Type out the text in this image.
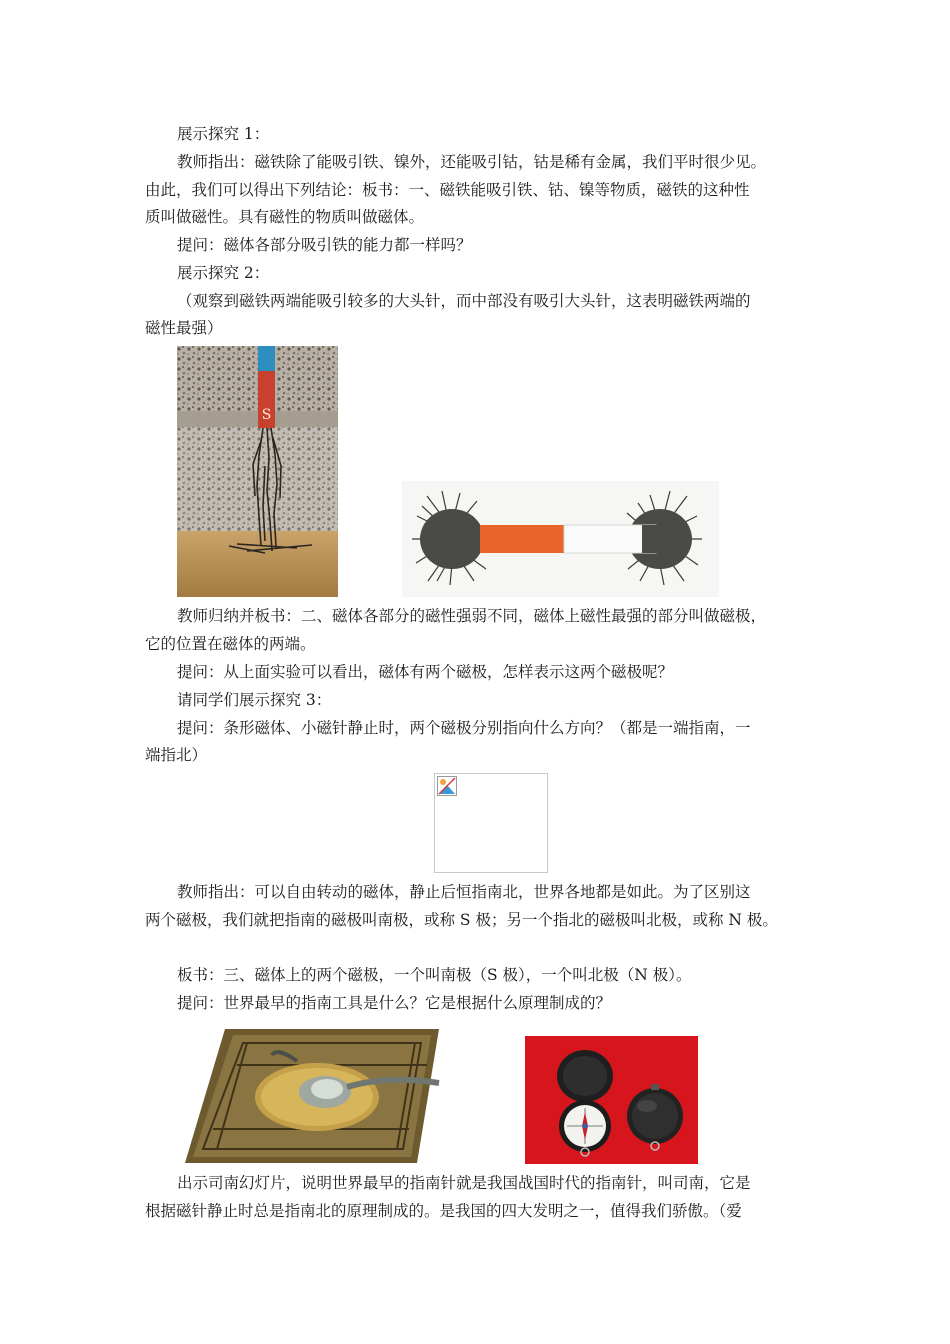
展示探究 1：
教师指出：磁铁除了能吸引铁、镍外，还能吸引钴，钴是稀有金属，我们平时很少见。
由此，我们可以得出下列结论：板书：一、磁铁能吸引铁、钴、镍等物质，磁铁的这种性
质叫做磁性。具有磁性的物质叫做磁体。
提问：磁体各部分吸引铁的能力都一样吗？
展示探究 2：
（观察到磁铁两端能吸引较多的大头针，而中部没有吸引大头针，这表明磁铁两端的
磁性最强）
S
教师归纳并板书：二、磁体各部分的磁性强弱不同，磁体上磁性最强的部分叫做磁极，
它的位置在磁体的两端。
提问：从上面实验可以看出，磁体有两个磁极，怎样表示这两个磁极呢？
请同学们展示探究 3：
提问：条形磁体、小磁针静止时，两个磁极分别指向什么方向？（都是一端指南，一
端指北）
教师指出：可以自由转动的磁体，静止后恒指南北，世界各地都是如此。为了区别这
两个磁极，我们就把指南的磁极叫南极，或称 S 极；另一个指北的磁极叫北极，或称 N 极。
板书：三、磁体上的两个磁极，一个叫南极（S 极），一个叫北极（N 极）。
提问：世界最早的指南工具是什么？它是根据什么原理制成的？
出示司南幻灯片，说明世界最早的指南针就是我国战国时代的指南针，叫司南，它是
根据磁针静止时总是指南北的原理制成的。是我国的四大发明之一，值得我们骄傲。（爱
